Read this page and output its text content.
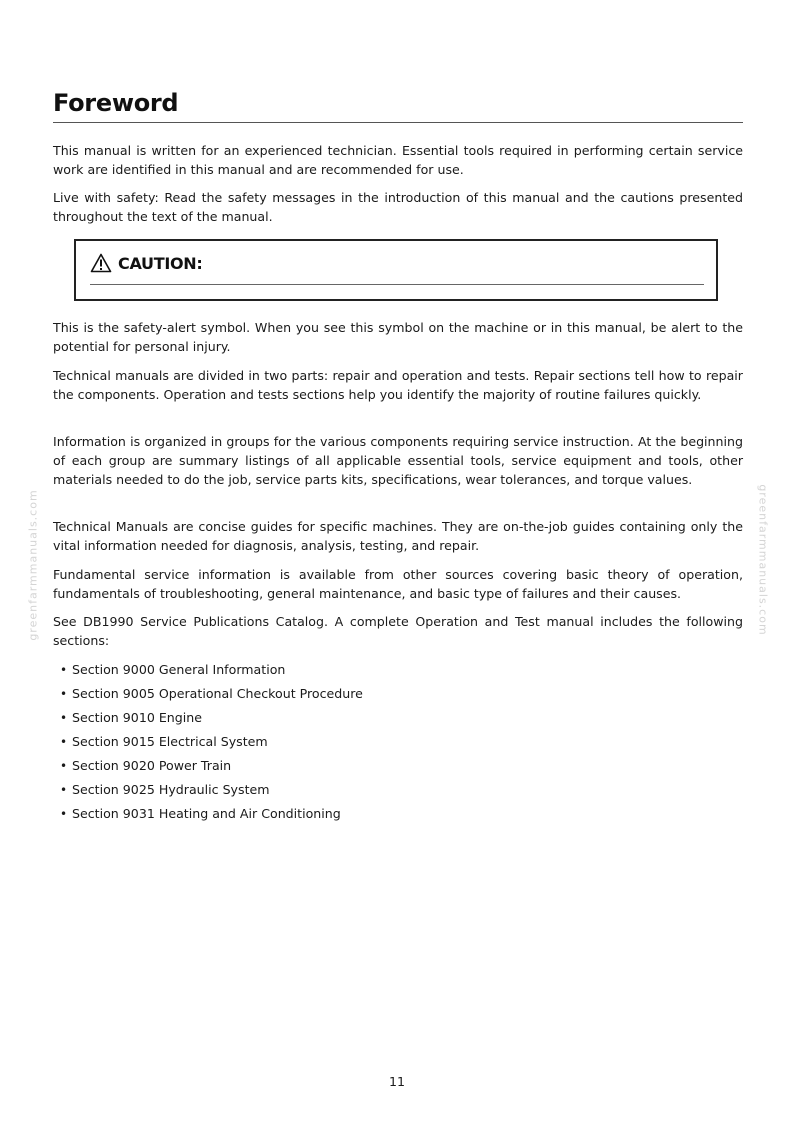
Foreword

This manual is written for an experienced technician. Essential tools required in performing certain service work are identified in this manual and are recommended for use.

Live with safety: Read the safety messages in the introduction of this manual and the cautions presented throughout the text of the manual.

CAUTION:

This is the safety-alert symbol. When you see this symbol on the machine or in this manual, be alert to the potential for personal injury.

Technical manuals are divided in two parts: repair and operation and tests. Repair sections tell how to repair the components. Operation and tests sections help you identify the majority of routine failures quickly.

Information is organized in groups for the various components requiring service instruction. At the beginning of each group are summary listings of all applicable essential tools, service equipment and tools, other materials needed to do the job, service parts kits, specifications, wear tolerances, and torque values.

Technical Manuals are concise guides for specific machines. They are on-the-job guides containing only the vital information needed for diagnosis, analysis, testing, and repair.

Fundamental service information is available from other sources covering basic theory of operation, fundamentals of troubleshooting, general maintenance, and basic type of failures and their causes.

See DB1990 Service Publications Catalog. A complete Operation and Test manual includes the following sections:

• Section 9000 General Information
• Section 9005 Operational Checkout Procedure
• Section 9010 Engine
• Section 9015 Electrical System
• Section 9020 Power Train
• Section 9025 Hydraulic System
• Section 9031 Heating and Air Conditioning
greenfarmmanuals.com	greenfarmmanuals.com
11
